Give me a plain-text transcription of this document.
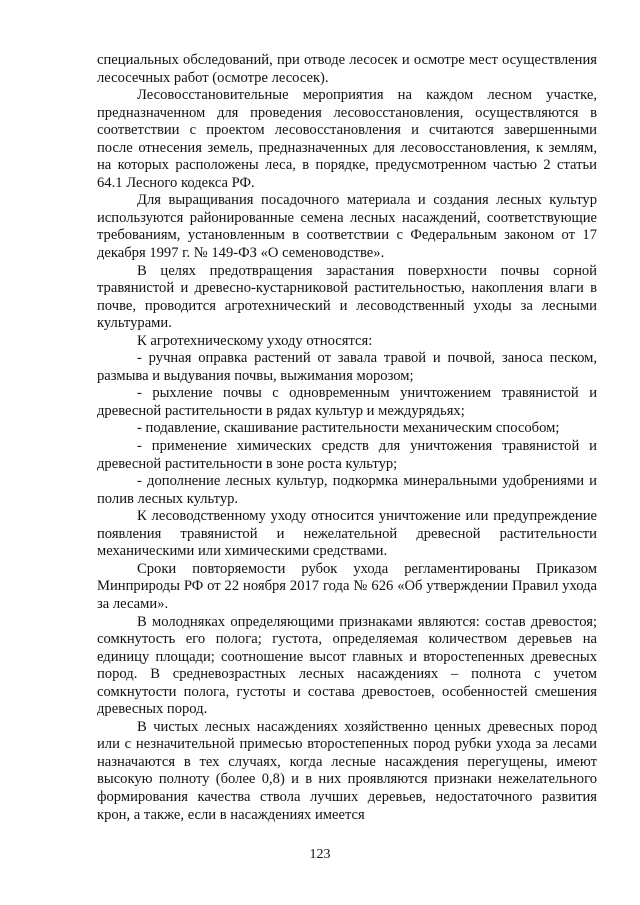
специальных обследований, при отводе лесосек и осмотре мест осуществления лесосечных работ (осмотре лесосек).

Лесовосстановительные мероприятия на каждом лесном участке, предназначенном для проведения лесовосстановления, осуществляются в соответствии с проектом лесовосстановления и считаются завершенными после отнесения земель, предназначенных для лесовосстановления, к землям, на которых расположены леса, в порядке, предусмотренном частью 2 статьи 64.1 Лесного кодекса РФ.

Для выращивания посадочного материала и создания лесных культур используются районированные семена лесных насаждений, соответствующие требованиям, установленным в соответствии с Федеральным законом от 17 декабря 1997 г. № 149-ФЗ «О семеноводстве».

В целях предотвращения зарастания поверхности почвы сорной травянистой и древесно-кустарниковой растительностью, накопления влаги в почве, проводится агротехнический и лесоводственный уходы за лесными культурами.

К агротехническому уходу относятся:

- ручная оправка растений от завала травой и почвой, заноса песком, размыва и выдувания почвы, выжимания морозом;

- рыхление почвы с одновременным уничтожением травянистой и древесной растительности в рядах культур и междурядьях;

- подавление, скашивание растительности механическим способом;

- применение химических средств для уничтожения травянистой и древесной растительности в зоне роста культур;

- дополнение лесных культур, подкормка минеральными удобрениями и полив лесных культур.

К лесоводственному уходу относится уничтожение или предупреждение появления травянистой и нежелательной древесной растительности механическими или химическими средствами.

Сроки повторяемости рубок ухода регламентированы Приказом Минприроды РФ от 22 ноября 2017 года № 626 «Об утверждении Правил ухода за лесами».

В молодняках определяющими признаками являются: состав древостоя; сомкнутость его полога; густота, определяемая количеством деревьев на единицу площади; соотношение высот главных и второстепенных древесных пород. В средневозрастных лесных насаждениях – полнота с учетом сомкнутости полога, густоты и состава древостоев, особенностей смешения древесных пород.

В чистых лесных насаждениях хозяйственно ценных древесных пород или с незначительной примесью второстепенных пород рубки ухода за лесами назначаются в тех случаях, когда лесные насаждения перегущены, имеют высокую полноту (более 0,8) и в них проявляются признаки нежелательного формирования качества ствола лучших деревьев, недостаточного развития крон, а также, если в насаждениях имеется

123
